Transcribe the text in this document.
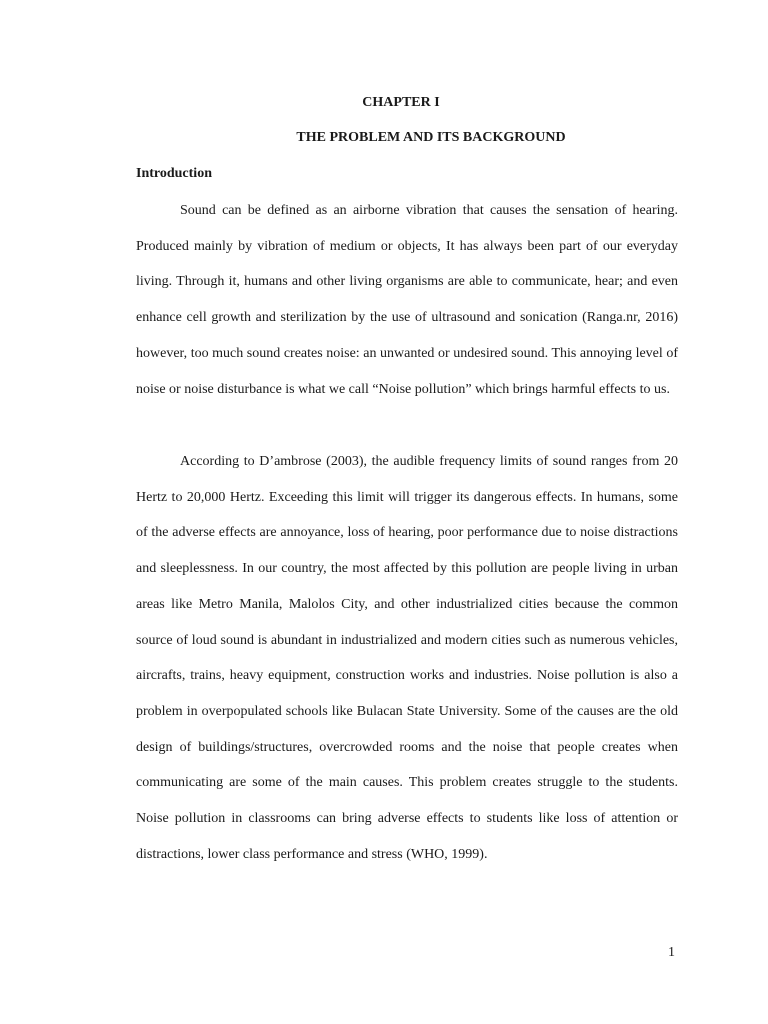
CHAPTER I
THE PROBLEM AND ITS BACKGROUND
Introduction

Sound can be defined as an airborne vibration that causes the sensation of hearing. Produced mainly by vibration of medium or objects, It has always been part of our everyday living. Through it, humans and other living organisms are able to communicate, hear; and even enhance cell growth and sterilization by the use of ultrasound and sonication (Ranga.nr, 2016) however, too much sound creates noise: an unwanted or undesired sound. This annoying level of noise or noise disturbance is what we call “Noise pollution” which brings harmful effects to us.

According to D’ambrose (2003), the audible frequency limits of sound ranges from 20 Hertz to 20,000 Hertz. Exceeding this limit will trigger its dangerous effects. In humans, some of the adverse effects are annoyance, loss of hearing, poor performance due to noise distractions and sleeplessness. In our country, the most affected by this pollution are people living in urban areas like Metro Manila, Malolos City, and other industrialized cities because the common source of loud sound is abundant in industrialized and modern cities such as numerous vehicles, aircrafts, trains, heavy equipment, construction works and industries. Noise pollution is also a problem in overpopulated schools like Bulacan State University. Some of the causes are the old design of buildings/structures, overcrowded rooms and the noise that people creates when communicating are some of the main causes. This problem creates struggle to the students. Noise pollution in classrooms can bring adverse effects to students like loss of attention or distractions, lower class performance and stress (WHO, 1999).

1
